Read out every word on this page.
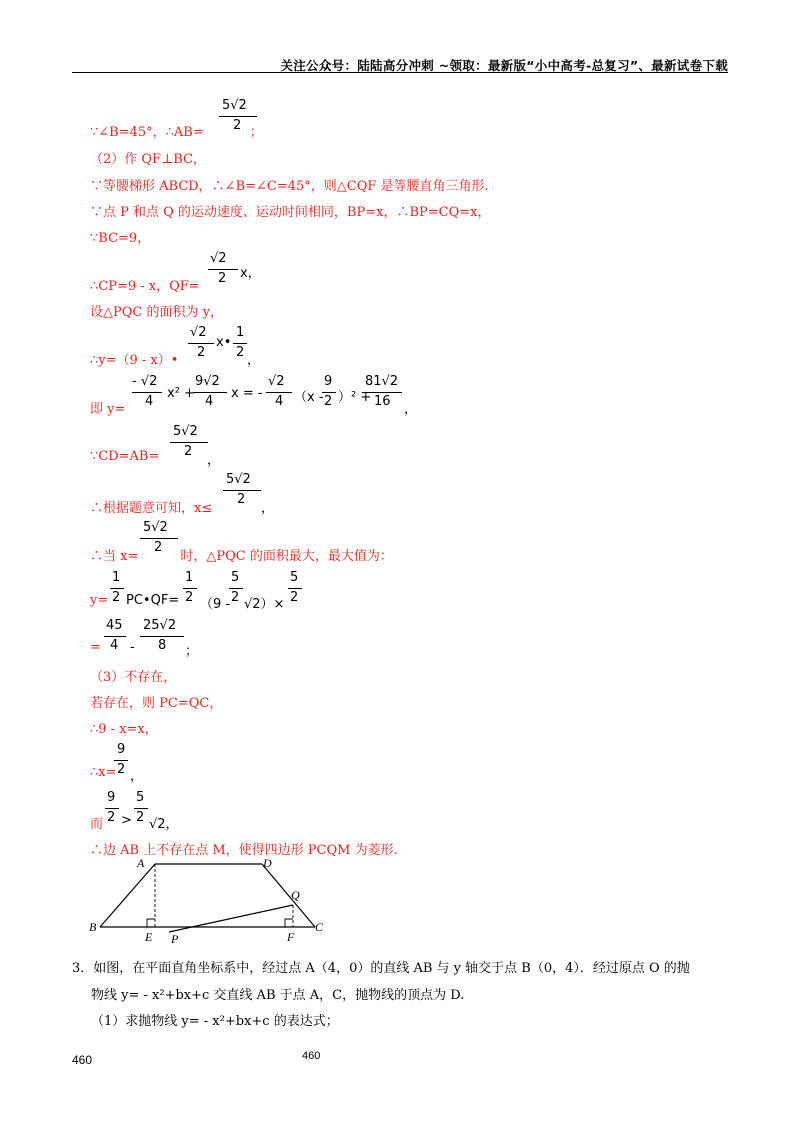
关注公众号：陆陆高分冲刺 ~领取：最新版“小中高考-总复习”、最新试卷下载
∵∠B=45°，∴AB=	；
5√2
2
（2）作 QF⊥BC，
∵等腰梯形 ABCD，∴∠B=∠C=45°，则△CQF 是等腰直角三角形.
∵点 P 和点 Q 的运动速度、运动时间相同，BP=x，∴BP=CQ=x，
∵BC=9，
∴CP=9 - x，QF=
√2
2 x，
设△PQC 的面积为 y，
∴y=（9 - x）•
√2
2
x•
1
2
，
即 y=
- √2
4
x² +
9√2
4
x = -
√2
4 （x -
9
2 ）² +
81√2
16
，
∵CD=AB=
5√2
2
，
∴根据题意可知，x≤
5√2
2
，
∴当 x=	时，△PQC 的面积最大，最大值为：
5√2
2
y=
1
2 PC•QF=
1
2 （9 -
5
2 √2）×
5
2
=
45
4 -
25√2
8 ；
（3）不存在，
若存在，则 PC=QC，
∴9 - x=x，
∴x=
9
2 ，
而
9
2 >
5
2 √2，
∴边 AB 上不存在点 M，使得四边形 PCQM 为菱形.
A	D
B	C
E P	F
Q
3．如图，在平面直角坐标系中，经过点 A（4，0）的直线 AB 与 y 轴交于点 B（0，4）．经过原点 O 的抛
物线 y= - x²+bx+c 交直线 AB 于点 A，C，抛物线的顶点为 D.
（1）求抛物线 y= - x²+bx+c 的表达式；
460	460
